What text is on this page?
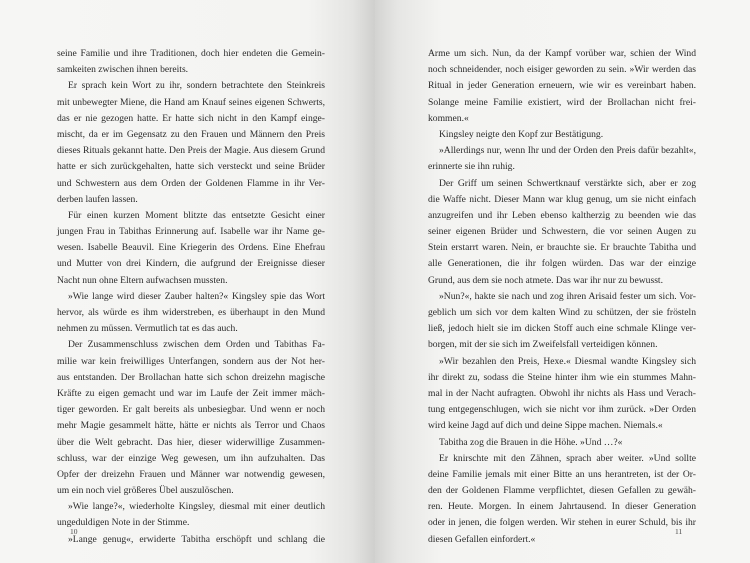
seine Familie und ihre Traditionen, doch hier endeten die Gemein-
samkeiten zwischen ihnen bereits.
Er sprach kein Wort zu ihr, sondern betrachtete den Steinkreis
mit unbewegter Miene, die Hand am Knauf seines eigenen Schwerts,
das er nie gezogen hatte. Er hatte sich nicht in den Kampf einge-
mischt, da er im Gegensatz zu den Frauen und Männern den Preis
dieses Rituals gekannt hatte. Den Preis der Magie. Aus diesem Grund
hatte er sich zurückgehalten, hatte sich versteckt und seine Brüder
und Schwestern aus dem Orden der Goldenen Flamme in ihr Ver-
derben laufen lassen.
Für einen kurzen Moment blitzte das entsetzte Gesicht einer
jungen Frau in Tabithas Erinnerung auf. Isabelle war ihr Name ge-
wesen. Isabelle Beauvil. Eine Kriegerin des Ordens. Eine Ehefrau
und Mutter von drei Kindern, die aufgrund der Ereignisse dieser
Nacht nun ohne Eltern aufwachsen mussten.
»Wie lange wird dieser Zauber halten?« Kingsley spie das Wort
hervor, als würde es ihm widerstreben, es überhaupt in den Mund
nehmen zu müssen. Vermutlich tat es das auch.
Der Zusammenschluss zwischen dem Orden und Tabithas Fa-
milie war kein freiwilliges Unterfangen, sondern aus der Not her-
aus entstanden. Der Brollachan hatte sich schon dreizehn magische
Kräfte zu eigen gemacht und war im Laufe der Zeit immer mäch-
tiger geworden. Er galt bereits als unbesiegbar. Und wenn er noch
mehr Magie gesammelt hätte, hätte er nichts als Terror und Chaos
über die Welt gebracht. Das hier, dieser widerwillige Zusammen-
schluss, war der einzige Weg gewesen, um ihn aufzuhalten. Das
Opfer der dreizehn Frauen und Männer war notwendig gewesen,
um ein noch viel größeres Übel auszulöschen.
»Wie lange?«, wiederholte Kingsley, diesmal mit einer deutlich
ungeduldigen Note in der Stimme.
»Lange genug«, erwiderte Tabitha erschöpft und schlang die
10
Arme um sich. Nun, da der Kampf vorüber war, schien der Wind
noch schneidender, noch eisiger geworden zu sein. »Wir werden das
Ritual in jeder Generation erneuern, wie wir es vereinbart haben.
Solange meine Familie existiert, wird der Brollachan nicht frei-
kommen.«
Kingsley neigte den Kopf zur Bestätigung.
»Allerdings nur, wenn Ihr und der Orden den Preis dafür bezahlt«,
erinnerte sie ihn ruhig.
Der Griff um seinen Schwertknauf verstärkte sich, aber er zog
die Waffe nicht. Dieser Mann war klug genug, um sie nicht einfach
anzugreifen und ihr Leben ebenso kaltherzig zu beenden wie das
seiner eigenen Brüder und Schwestern, die vor seinen Augen zu
Stein erstarrt waren. Nein, er brauchte sie. Er brauchte Tabitha und
alle Generationen, die ihr folgen würden. Das war der einzige
Grund, aus dem sie noch atmete. Das war ihr nur zu bewusst.
»Nun?«, hakte sie nach und zog ihren Arisaid fester um sich. Vor-
geblich um sich vor dem kalten Wind zu schützen, der sie frösteln
ließ, jedoch hielt sie im dicken Stoff auch eine schmale Klinge ver-
borgen, mit der sie sich im Zweifelsfall verteidigen können.
»Wir bezahlen den Preis, Hexe.« Diesmal wandte Kingsley sich
ihr direkt zu, sodass die Steine hinter ihm wie ein stummes Mahn-
mal in der Nacht aufragten. Obwohl ihr nichts als Hass und Verach-
tung entgegenschlugen, wich sie nicht vor ihm zurück. »Der Orden
wird keine Jagd auf dich und deine Sippe machen. Niemals.«
Tabitha zog die Brauen in die Höhe. »Und …?«
Er knirschte mit den Zähnen, sprach aber weiter. »Und sollte
deine Familie jemals mit einer Bitte an uns herantreten, ist der Or-
den der Goldenen Flamme verpflichtet, diesen Gefallen zu gewäh-
ren. Heute. Morgen. In einem Jahrtausend. In dieser Generation
oder in jenen, die folgen werden. Wir stehen in eurer Schuld, bis ihr
diesen Gefallen einfordert.«
11
